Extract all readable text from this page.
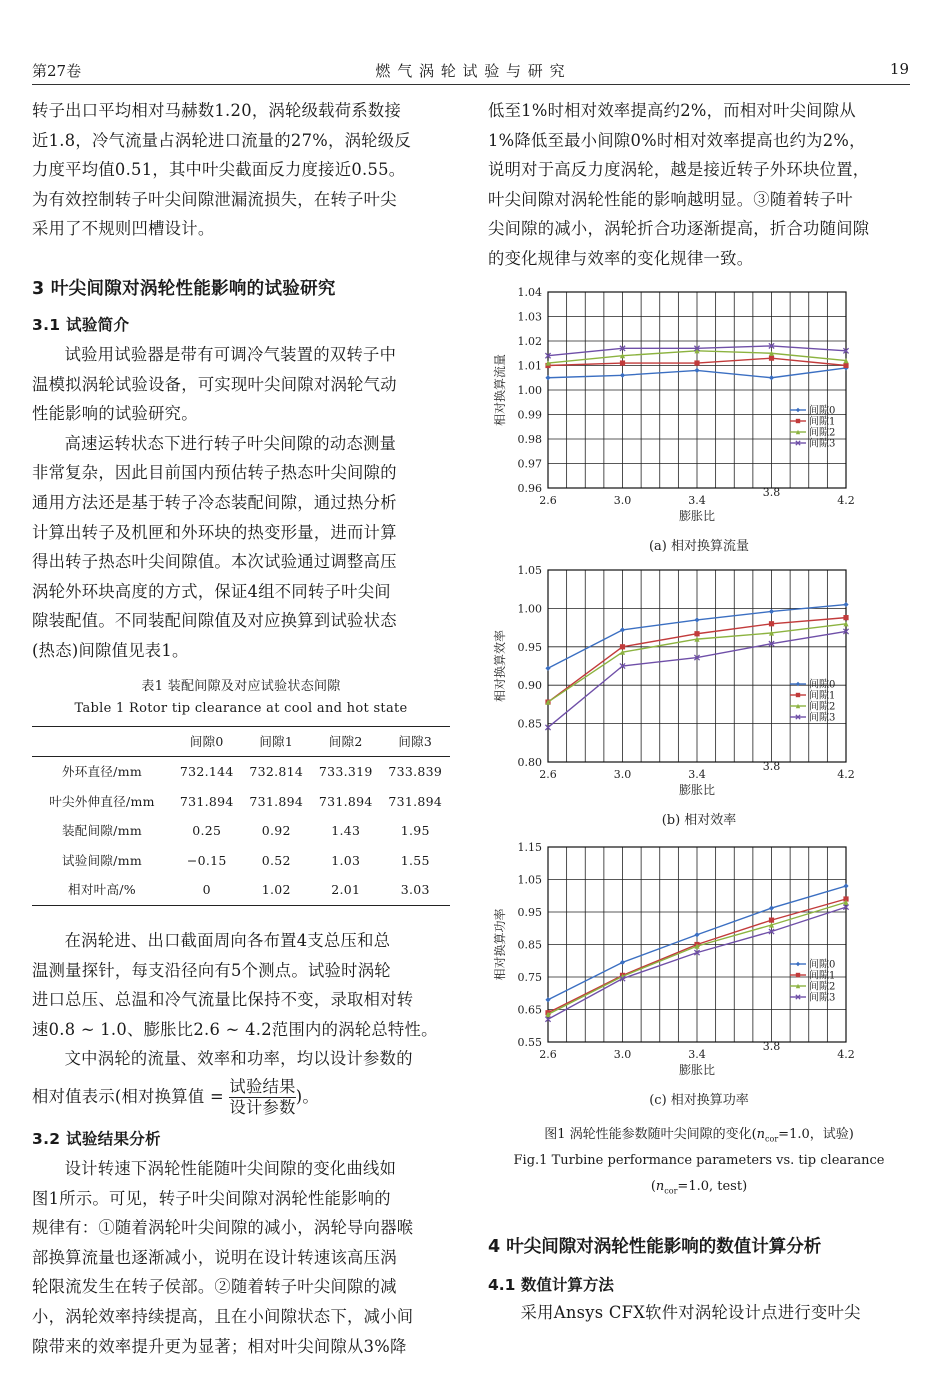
第27卷	燃 气 涡 轮 试 验 与 研 究	19
转子出口平均相对马赫数1.20，涡轮级载荷系数接
近1.8，冷气流量占涡轮进口流量的27%，涡轮级反
力度平均值0.51，其中叶尖截面反力度接近0.55。
为有效控制转子叶尖间隙泄漏流损失，在转子叶尖
采用了不规则凹槽设计。
3 叶尖间隙对涡轮性能影响的试验研究
3.1 试验简介
试验用试验器是带有可调冷气装置的双转子中
温模拟涡轮试验设备，可实现叶尖间隙对涡轮气动
性能影响的试验研究。
高速运转状态下进行转子叶尖间隙的动态测量
非常复杂，因此目前国内预估转子热态叶尖间隙的
通用方法还是基于转子冷态装配间隙，通过热分析
计算出转子及机匣和外环块的热变形量，进而计算
得出转子热态叶尖间隙值。本次试验通过调整高压
涡轮外环块高度的方式，保证4组不同转子叶尖间
隙装配值。不同装配间隙值及对应换算到试验状态
(热态)间隙值见表1。
表1 装配间隙及对应试验状态间隙
Table 1 Rotor tip clearance at cool and hot state
	间隙0	间隙1	间隙2	间隙3
外环直径/mm	732.144	732.814	733.319	733.839
叶尖外伸直径/mm	731.894	731.894	731.894	731.894
装配间隙/mm	0.25	0.92	1.43	1.95
试验间隙/mm	−0.15	0.52	1.03	1.55
相对叶高/%	0	1.02	2.01	3.03
在涡轮进、出口截面周向各布置4支总压和总
温测量探针，每支沿径向有5个测点。试验时涡轮
进口总压、总温和冷气流量比保持不变，录取相对转
速0.8 ~ 1.0、膨胀比2.6 ~ 4.2范围内的涡轮总特性。

文中涡轮的流量、效率和功率，均以设计参数的

相对值表示(相对换算值 = $\frac{\text{试验结果}}{\text{设计参数}}$ )。
3.2 试验结果分析
设计转速下涡轮性能随叶尖间隙的变化曲线如
图1所示。可见，转子叶尖间隙对涡轮性能影响的
规律有：①随着涡轮叶尖间隙的减小，涡轮导向器喉
部换算流量也逐渐减小，说明在设计转速该高压涡
轮限流发生在转子侯部。②随着转子叶尖间隙的减
小，涡轮效率持续提高，且在小间隙状态下，减小间
隙带来的效率提升更为显著；相对叶尖间隙从3%降
低至1%时相对效率提高约2%，而相对叶尖间隙从
1%降低至最小间隙0%时相对效率提高也约为2%，
说明对于高反力度涡轮，越是接近转子外环块位置，
叶尖间隙对涡轮性能的影响越明显。③随着转子叶
尖间隙的减小，涡轮折合功逐渐提高，折合功随间隙
的变化规律与效率的变化规律一致。
0.96
0.97
0.98
0.99
1.00
1.01
1.02
1.03
1.04
2.6	3.0	3.4
3.8
4.2
膨胀比
相对换算流量	间隙0
间隙1
间隙2
间隙3
(a) 相对换算流量
0.80
0.85
0.90
0.95
1.00
1.05
2.6	3.0	3.4
3.8
4.2
膨胀比
相对换算效率	间隙0
间隙1
间隙2
间隙3
(b) 相对效率
0.55
0.65
0.75
0.85
0.95
1.05
1.15
2.6	3.0	3.4
3.8
4.2
膨胀比
相对换算功率	间隙0
间隙1
间隙2
间隙3
(c) 相对换算功率
图1 涡轮性能参数随叶尖间隙的变化($n_{cor}=1.0$，试验)
Fig.1 Turbine performance parameters vs. tip clearance
($n_{cor}=1.0$, test)
4 叶尖间隙对涡轮性能影响的数值计算分析
4.1 数值计算方法
采用Ansys CFX软件对涡轮设计点进行变叶尖
